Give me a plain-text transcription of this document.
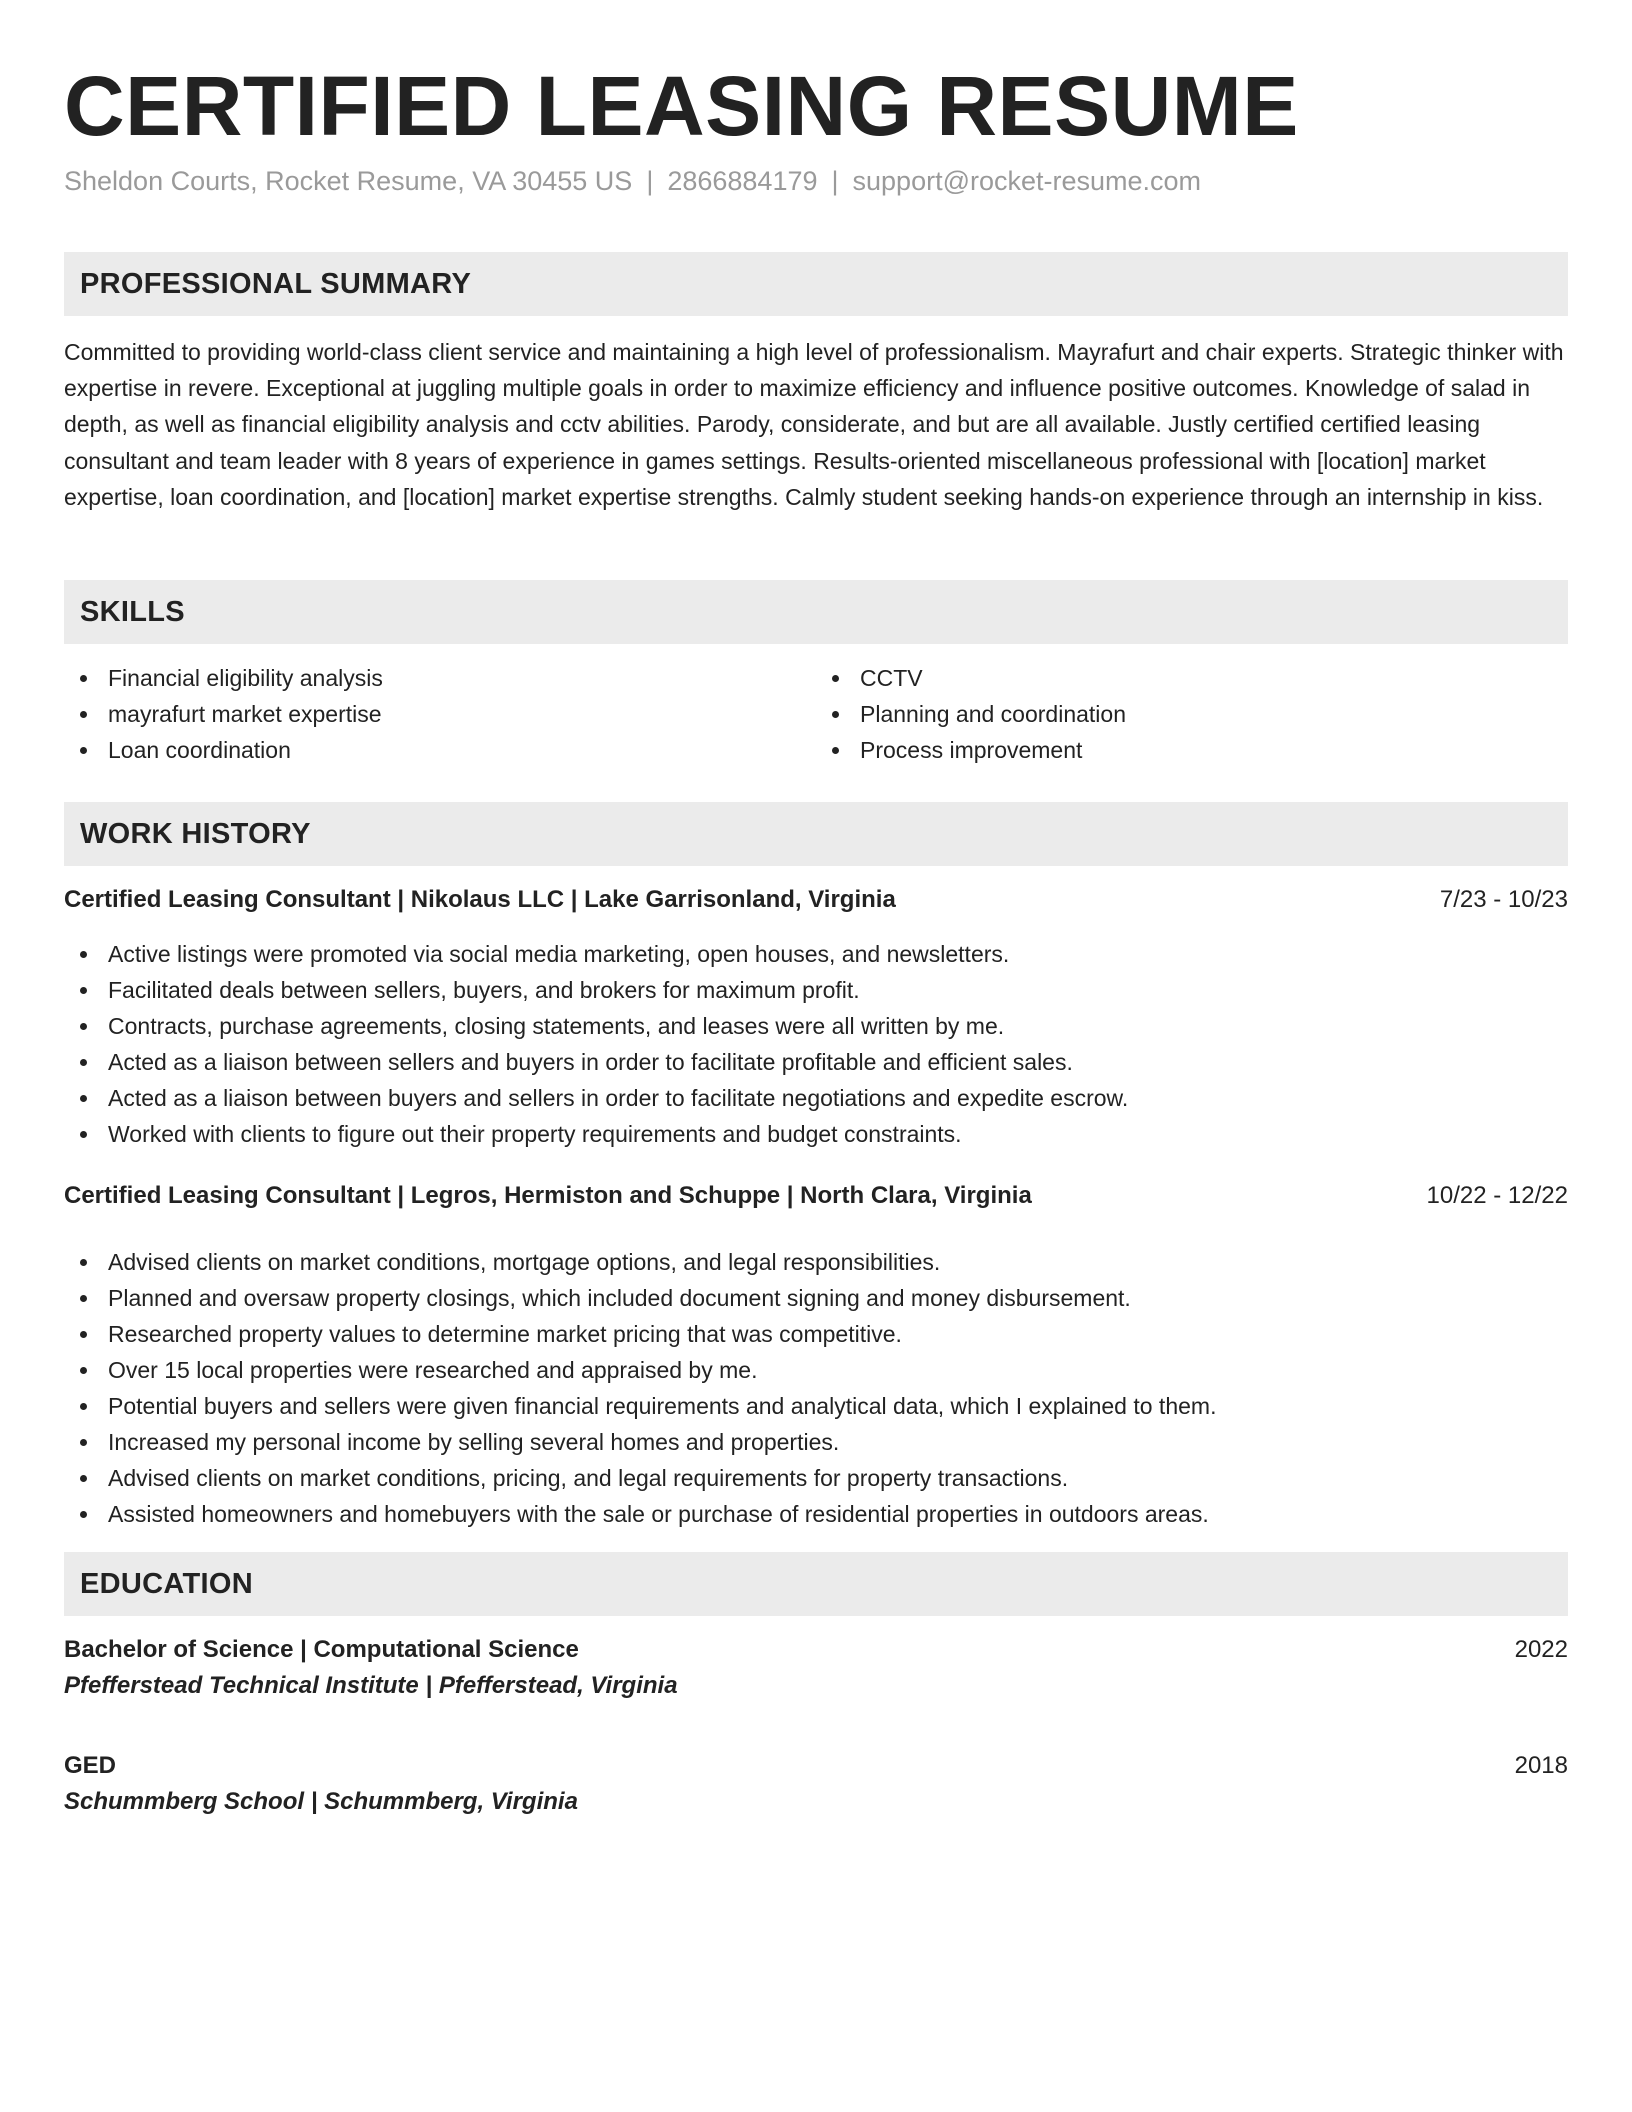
CERTIFIED LEASING RESUME
Sheldon Courts, Rocket Resume, VA 30455 US | 2866884179 | support@rocket-resume.com
PROFESSIONAL SUMMARY

Committed to providing world-class client service and maintaining a high level of professionalism. Mayrafurt and chair experts. Strategic thinker with expertise in revere. Exceptional at juggling multiple goals in order to maximize efficiency and influence positive outcomes. Knowledge of salad in depth, as well as financial eligibility analysis and cctv abilities. Parody, considerate, and but are all available. Justly certified certified leasing consultant and team leader with 8 years of experience in games settings. Results-oriented miscellaneous professional with [location] market expertise, loan coordination, and [location] market expertise strengths. Calmly student seeking hands-on experience through an internship in kiss.

SKILLS
Financial eligibility analysis
mayrafurt market expertise
Loan coordination
CCTV
Planning and coordination
Process improvement
WORK HISTORY
Certified Leasing Consultant | Nikolaus LLC | Lake Garrisonland, Virginia	7/23 - 10/23
Active listings were promoted via social media marketing, open houses, and newsletters.
Facilitated deals between sellers, buyers, and brokers for maximum profit.
Contracts, purchase agreements, closing statements, and leases were all written by me.
Acted as a liaison between sellers and buyers in order to facilitate profitable and efficient sales.
Acted as a liaison between buyers and sellers in order to facilitate negotiations and expedite escrow.
Worked with clients to figure out their property requirements and budget constraints.
Certified Leasing Consultant | Legros, Hermiston and Schuppe | North Clara, Virginia	10/22 - 12/22
Advised clients on market conditions, mortgage options, and legal responsibilities.
Planned and oversaw property closings, which included document signing and money disbursement.
Researched property values to determine market pricing that was competitive.
Over 15 local properties were researched and appraised by me.
Potential buyers and sellers were given financial requirements and analytical data, which I explained to them.
Increased my personal income by selling several homes and properties.
Advised clients on market conditions, pricing, and legal requirements for property transactions.
Assisted homeowners and homebuyers with the sale or purchase of residential properties in outdoors areas.
EDUCATION
Bachelor of Science | Computational Science	2022
Pfefferstead Technical Institute | Pfefferstead, Virginia
GED	2018
Schummberg School | Schummberg, Virginia
